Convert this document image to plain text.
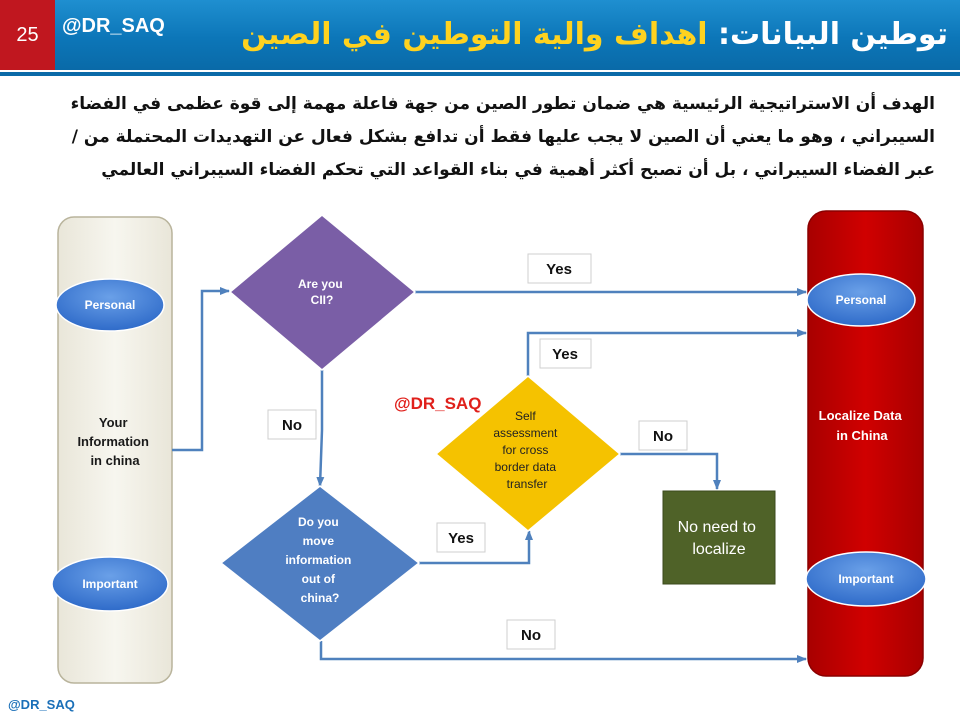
25	@DR_SAQ	توطين البيانات: اهداف والية التوطين في الصين
الهدف أن الاستراتيجية الرئيسية هي ضمان تطور الصين من جهة فاعلة مهمة إلى قوة عظمى في الفضاء
السيبراني ، وهو ما يعني أن الصين لا يجب عليها فقط أن تدافع بشكل فعال عن التهديدات المحتملة من /
عبر الفضاء السيبراني ، بل أن تصبح أكثر أهمية في بناء القواعد التي تحكم الفضاء السيبراني العالمي
Personal
Your Information in china
Important
Personal
Localize Data in China
Important
Are you CII?
Do you move information out of china?
Self assessment for cross border data transfer
No need to localize
Yes
No
Yes
No
Yes
No
@DR_SAQ
@DR_SAQ
